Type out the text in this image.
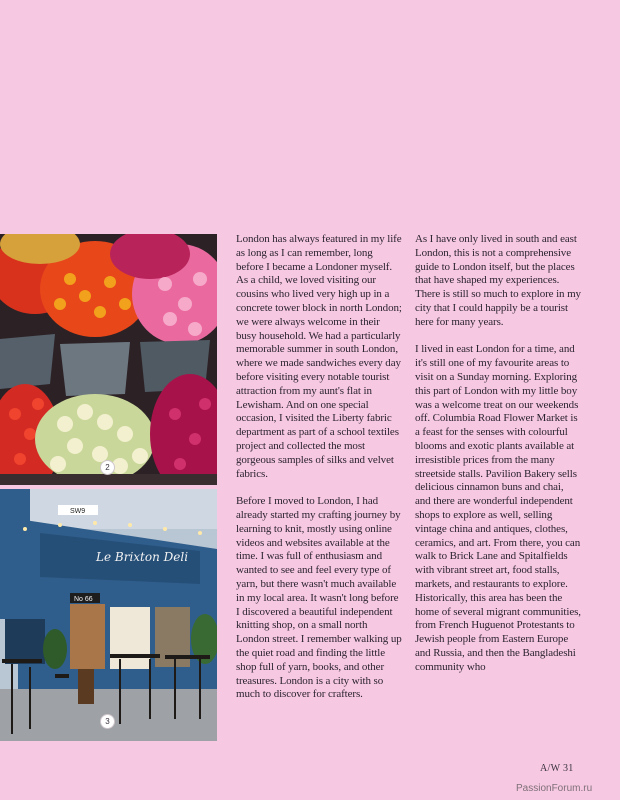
2
Le Brixton Deli
SW9
No 66
3

London has always featured in my life as long as I can remember, long before I became a Londoner myself. As a child, we loved visiting our cousins who lived very high up in a concrete tower block in north London; we were always welcome in their busy household. We had a particularly memorable summer in south London, where we made sandwiches every day before visiting every notable tourist attraction from my aunt's flat in Lewisham. And on one special occasion, I visited the Liberty fabric department as part of a school textiles project and collected the most gorgeous samples of silks and velvet fabrics.

Before I moved to London, I had already started my crafting journey by learning to knit, mostly using online videos and websites available at the time. I was full of enthusiasm and wanted to see and feel every type of yarn, but there wasn't much available in my local area. It wasn't long before I discovered a beautiful independent knitting shop, on a small north London street. I remember walking up the quiet road and finding the little shop full of yarn, books, and other treasures. London is a city with so much to discover for crafters.

As I have only lived in south and east London, this is not a comprehensive guide to London itself, but the places that have shaped my experiences. There is still so much to explore in my city that I could happily be a tourist here for many years.

I lived in east London for a time, and it's still one of my favourite areas to visit on a Sunday morning. Exploring this part of London with my little boy was a welcome treat on our weekends off. Columbia Road Flower Market is a feast for the senses with colourful blooms and exotic plants available at irresistible prices from the many streetside stalls. Pavilion Bakery sells delicious cinnamon buns and chai, and there are wonderful independent shops to explore as well, selling vintage china and antiques, clothes, ceramics, and art. From there, you can walk to Brick Lane and Spitalfields with vibrant street art, food stalls, markets, and restaurants to explore. Historically, this area has been the home of several migrant communities, from French Huguenot Protestants to Jewish people from Eastern Europe and Russia, and then the Bangladeshi community who

A/W 31
PassionForum.ru
